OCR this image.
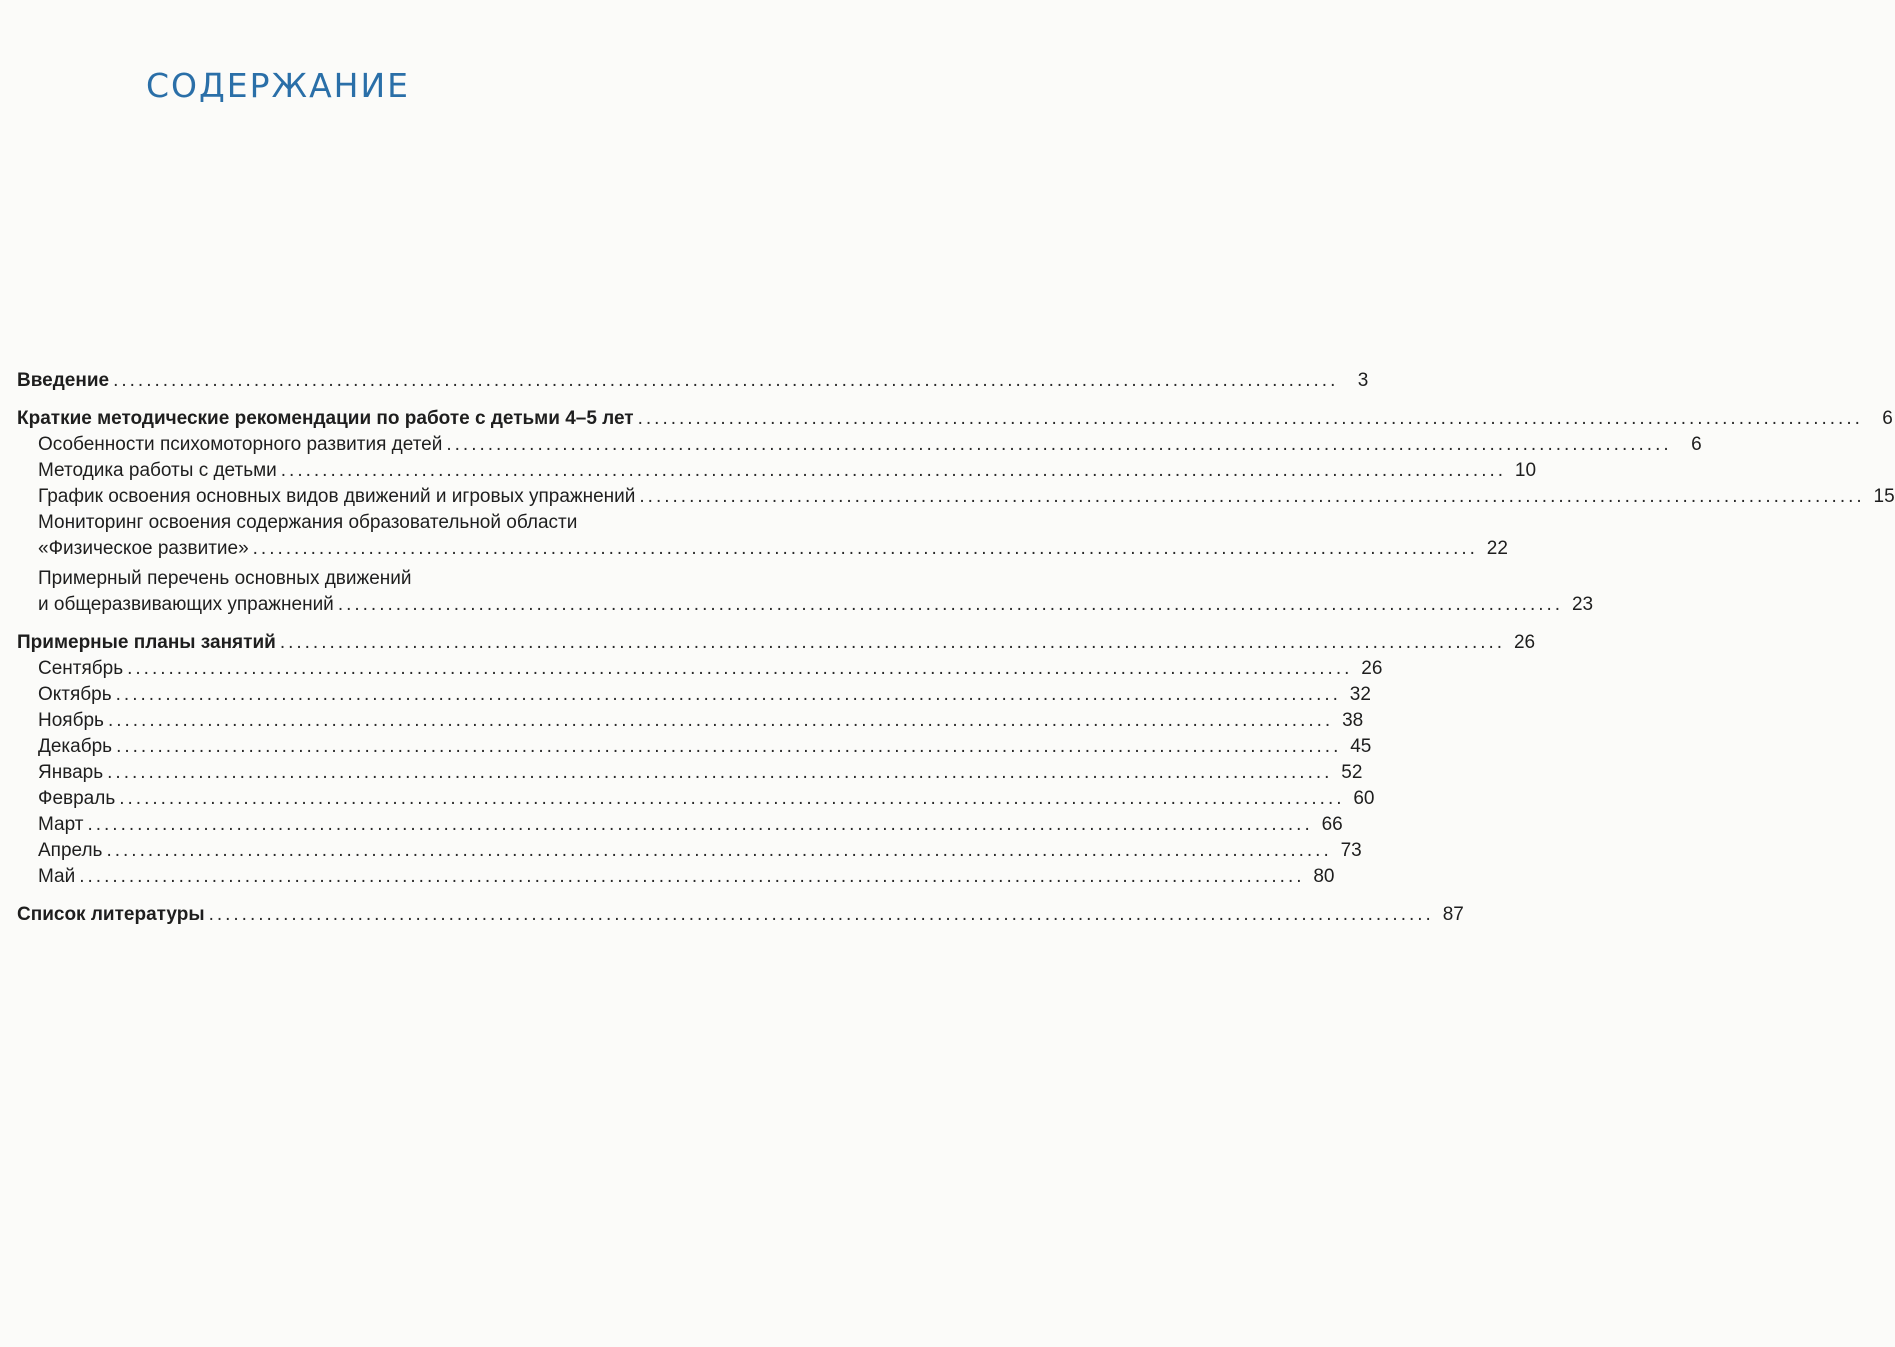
СОДЕРЖАНИЕ
Введение ....................................................................................................................................................	3
Краткие методические рекомендации по работе с детьми 4–5 лет ....................................................................................................................................................	6
Особенности психомоторного развития детей ....................................................................................................................................................	6
Методика работы с детьми .................................................................................................................................................... 10
График освоения основных видов движений и игровых упражнений .................................................................................................................................................... 15
Мониторинг освоения содержания образовательной области
«Физическое развитие» .................................................................................................................................................... 22
Примерный перечень основных движений
и общеразвивающих упражнений .................................................................................................................................................... 23
Примерные планы занятий .................................................................................................................................................... 26
Сентябрь .................................................................................................................................................... 26
Октябрь .................................................................................................................................................... 32
Ноябрь .................................................................................................................................................... 38
Декабрь .................................................................................................................................................... 45
Январь .................................................................................................................................................... 52
Февраль .................................................................................................................................................... 60
Март .................................................................................................................................................... 66
Апрель .................................................................................................................................................... 73
Май .................................................................................................................................................... 80
Список литературы .................................................................................................................................................... 87
